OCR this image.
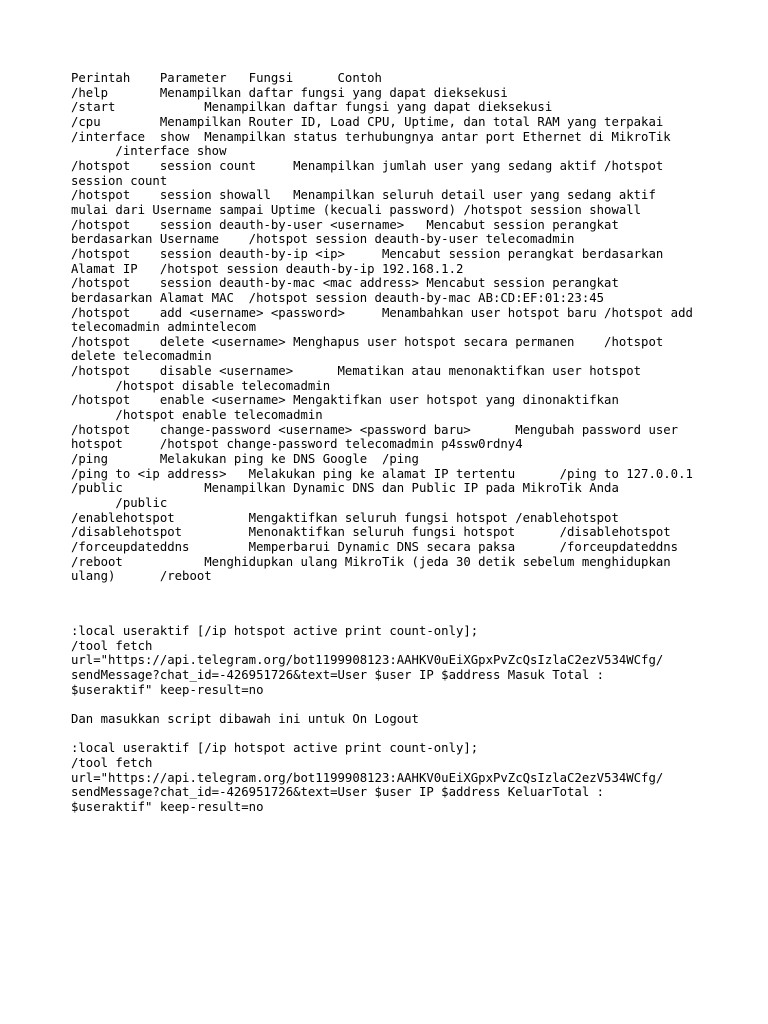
Perintah    Parameter   Fungsi      Contoh
/help       Menampilkan daftar fungsi yang dapat dieksekusi
/start            Menampilkan daftar fungsi yang dapat dieksekusi
/cpu        Menampilkan Router ID, Load CPU, Uptime, dan total RAM yang terpakai
/interface  show  Menampilkan status terhubungnya antar port Ethernet di MikroTik
/interface show
/hotspot    session count     Menampilkan jumlah user yang sedang aktif /hotspot
session count
/hotspot    session showall   Menampilkan seluruh detail user yang sedang aktif
mulai dari Username sampai Uptime (kecuali password) /hotspot session showall
/hotspot    session deauth-by-user <username>   Mencabut session perangkat
berdasarkan Username    /hotspot session deauth-by-user telecomadmin
/hotspot    session deauth-by-ip <ip>     Mencabut session perangkat berdasarkan
Alamat IP   /hotspot session deauth-by-ip 192.168.1.2
/hotspot    session deauth-by-mac <mac address> Mencabut session perangkat
berdasarkan Alamat MAC  /hotspot session deauth-by-mac AB:CD:EF:01:23:45
/hotspot    add <username> <password>     Menambahkan user hotspot baru /hotspot add
telecomadmin admintelecom
/hotspot    delete <username> Menghapus user hotspot secara permanen    /hotspot
delete telecomadmin
/hotspot    disable <username>      Mematikan atau menonaktifkan user hotspot
/hotspot disable telecomadmin
/hotspot    enable <username> Mengaktifkan user hotspot yang dinonaktifkan
/hotspot enable telecomadmin
/hotspot    change-password <username> <password baru>      Mengubah password user
hotspot     /hotspot change-password telecomadmin p4ssw0rdny4
/ping       Melakukan ping ke DNS Google  /ping
/ping to <ip address>   Melakukan ping ke alamat IP tertentu      /ping to 127.0.0.1
/public           Menampilkan Dynamic DNS dan Public IP pada MikroTik Anda
/public
/enablehotspot          Mengaktifkan seluruh fungsi hotspot /enablehotspot
/disablehotspot         Menonaktifkan seluruh fungsi hotspot      /disablehotspot
/forceupdateddns        Memperbarui Dynamic DNS secara paksa      /forceupdateddns
/reboot           Menghidupkan ulang MikroTik (jeda 30 detik sebelum menghidupkan
ulang)      /reboot
:local useraktif [/ip hotspot active print count-only];
/tool fetch
url="https://api.telegram.org/bot1199908123:AAHKV0uEiXGpxPvZcQsIzlaC2ezV534WCfg/
sendMessage?chat_id=-426951726&text=User $user IP $address Masuk Total :
$useraktif" keep-result=no
Dan masukkan script dibawah ini untuk On Logout
:local useraktif [/ip hotspot active print count-only];
/tool fetch
url="https://api.telegram.org/bot1199908123:AAHKV0uEiXGpxPvZcQsIzlaC2ezV534WCfg/
sendMessage?chat_id=-426951726&text=User $user IP $address KeluarTotal :
$useraktif" keep-result=no
